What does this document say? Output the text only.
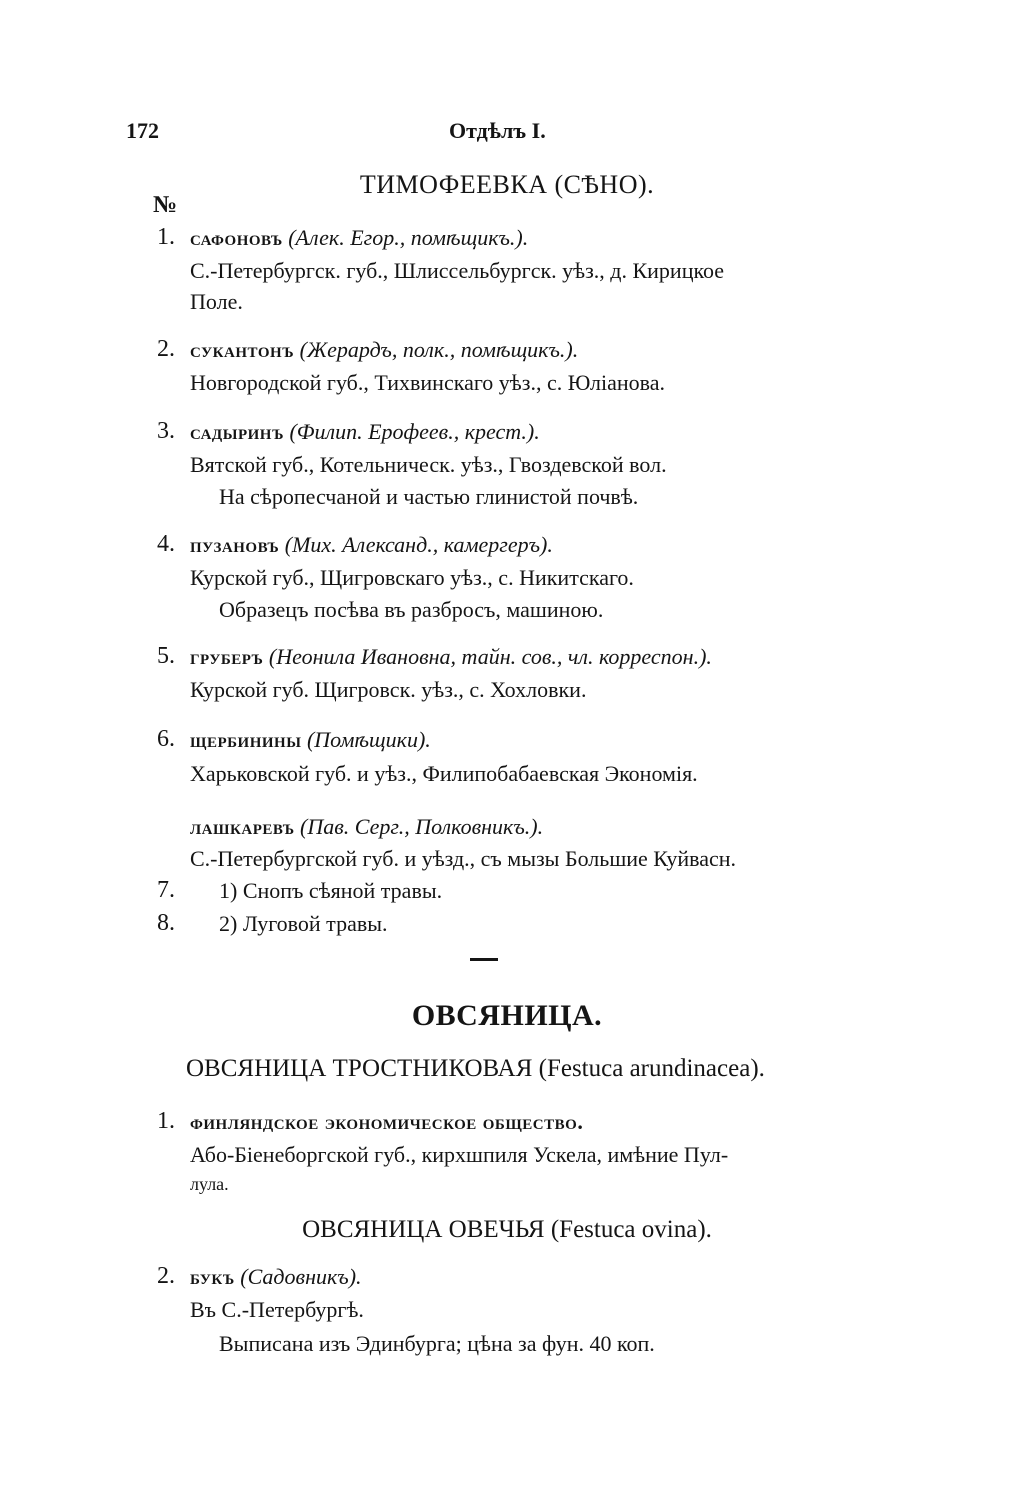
172	Отдѣлъ I.
ТИМОФЕЕВКА (СѢНО).
№
1. сафоновъ (Алек. Егор., помѣщикъ.).
С.-Петербургск. губ., Шлиссельбургск. уѣз., д. Кирицкое
Поле.
2. сукантонъ (Жерардъ, полк., помѣщикъ.).
Новгородской губ., Тихвинскаго уѣз., с. Юліанова.
3. садыринъ (Филип. Ерофеев., крест.).
Вятской губ., Котельническ. уѣз., Гвоздевской вол.
На сѣропесчаной и частью глинистой почвѣ.
4. пузановъ (Мих. Александ., камергеръ).
Курской губ., Щигровскаго уѣз., с. Никитскаго.
Образецъ посѣва въ разбросъ, машиною.
5. груберъ (Неонила Ивановна, тайн. сов., чл. корреспон.).
Курской губ. Щигровск. уѣз., с. Хохловки.
6. щербинины (Помѣщики).
Харьковской губ. и уѣз., Филипобабаевская Экономія.
лашкаревъ (Пав. Серг., Полковникъ.).
С.-Петербургской губ. и уѣзд., съ мызы Большие Куйвасн.
7. 1) Снопъ сѣяной травы.
8. 2) Луговой травы.
ОВСЯНИЦА.
ОВСЯНИЦА ТРОСТНИКОВАЯ (Festuca arundinacea).
1. финляндское экономическое общество.
Або-Біенеборгской губ., кирхшпиля Ускела, имѣние Пул-
лула.
ОВСЯНИЦА ОВЕЧЬЯ (Festuca ovina).
2. букъ (Садовникъ).
Въ С.-Петербургѣ.
Выписана изъ Эдинбурга; цѣна за фун. 40 коп.
